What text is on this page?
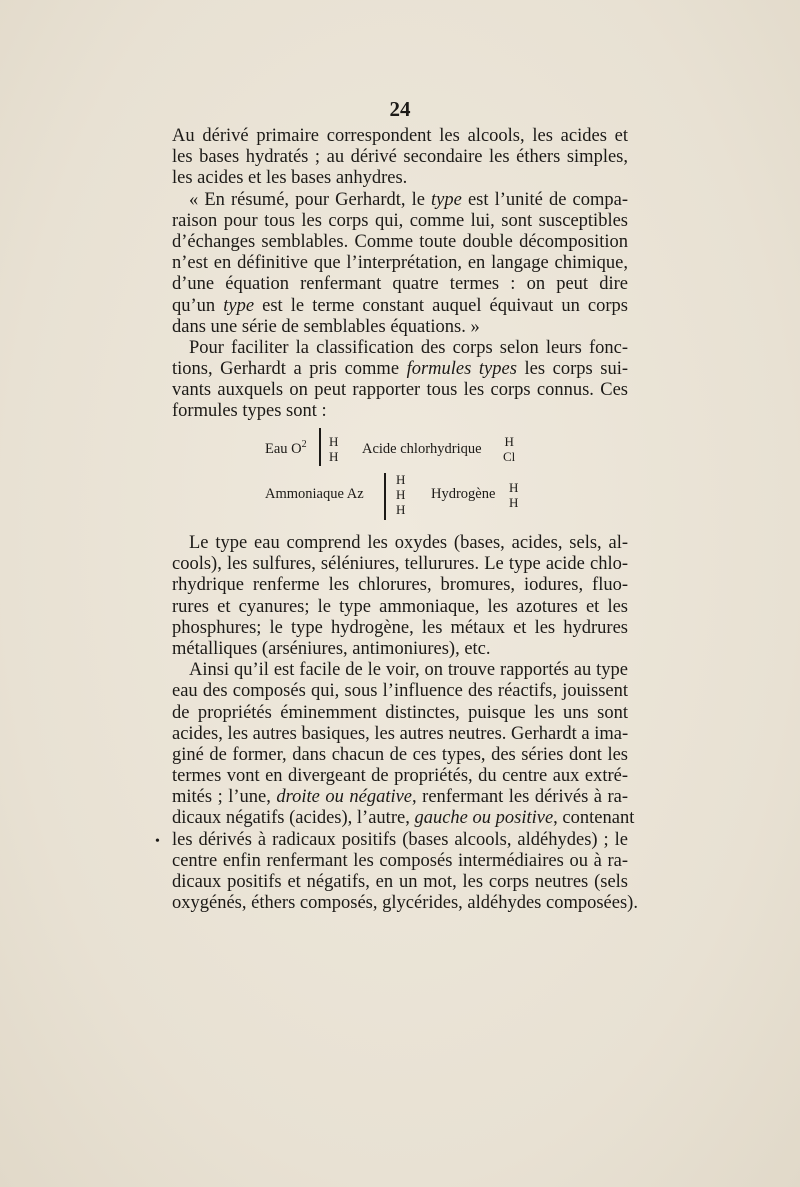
24
Au dérivé primaire correspondent les alcools, les acides et
les bases hydratés ; au dérivé secondaire les éthers simples,
les acides et les bases anhydres.
« En résumé, pour Gerhardt, le type est l’unité de compa-
raison pour tous les corps qui, comme lui, sont susceptibles
d’échanges semblables. Comme toute double décomposition
n’est en définitive que l’interprétation, en langage chimique,
d’une équation renfermant quatre termes : on peut dire
qu’un type est le terme constant auquel équivaut un corps
dans une série de semblables équations. »
Pour faciliter la classification des corps selon leurs fonc-
tions, Gerhardt a pris comme formules types les corps sui-
vants auxquels on peut rapporter tous les corps connus. Ces
formules types sont :
Eau $O^2$ H
H Acide chlorhydrique H
Cl
Ammoniaque Az
H
H
H
Hydrogène H
H
Le type eau comprend les oxydes (bases, acides, sels, al-
cools), les sulfures, séléniures, tellurures. Le type acide chlo-
rhydrique renferme les chlorures, bromures, iodures, fluo-
rures et cyanures; le type ammoniaque, les azotures et les
phosphures; le type hydrogène, les métaux et les hydrures
métalliques (arséniures, antimoniures), etc.
Ainsi qu’il est facile de le voir, on trouve rapportés au type
eau des composés qui, sous l’influence des réactifs, jouissent
de propriétés éminemment distinctes, puisque les uns sont
acides, les autres basiques, les autres neutres. Gerhardt a ima-
giné de former, dans chacun de ces types, des séries dont les
termes vont en divergeant de propriétés, du centre aux extré-
mités ; l’une, droite ou négative, renfermant les dérivés à ra-
dicaux négatifs (acides), l’autre, gauche ou positive, contenant
les dérivés à radicaux positifs (bases alcools, aldéhydes) ; le
centre enfin renfermant les composés intermédiaires ou à ra-
dicaux positifs et négatifs, en un mot, les corps neutres (sels
oxygénés, éthers composés, glycérides, aldéhydes composées).
•
